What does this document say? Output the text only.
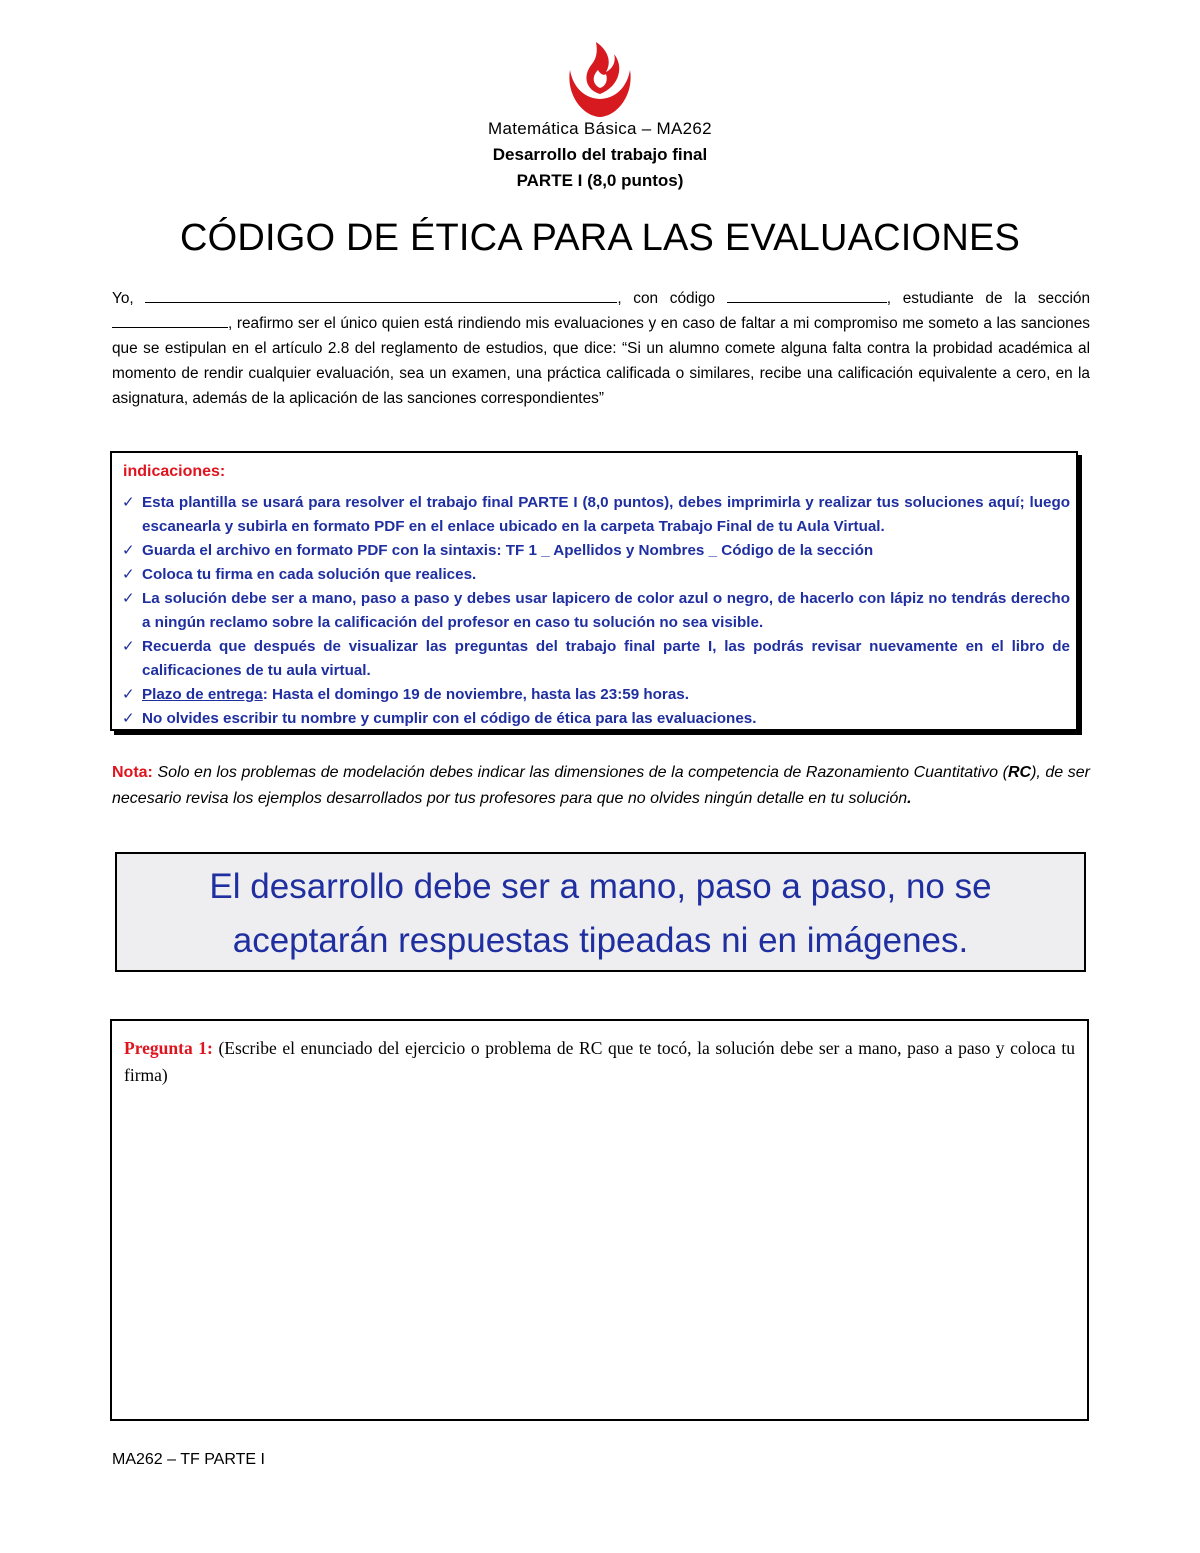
Matemática Básica – MA262
Desarrollo del trabajo final
PARTE I (8,0 puntos)
CÓDIGO DE ÉTICA PARA LAS EVALUACIONES
Yo,	, con código	, estudiante de la sección , reafirmo ser el único quien está rindiendo mis evaluaciones y en caso de faltar a mi compromiso me someto a las sanciones que se estipulan en el artículo 2.8 del reglamento de estudios, que dice: “Si un alumno comete alguna falta contra la probidad académica al momento de rendir cualquier evaluación, sea un examen, una práctica calificada o similares, recibe una calificación equivalente a cero, en la asignatura, además de la aplicación de las sanciones correspondientes”
indicaciones:
✓ Esta plantilla se usará para resolver el trabajo final PARTE I (8,0 puntos), debes imprimirla y realizar tus soluciones aquí; luego escanearla y subirla en formato PDF en el enlace ubicado en la carpeta Trabajo Final de tu Aula Virtual.
✓ Guarda el archivo en formato PDF con la sintaxis: TF 1 _ Apellidos y Nombres _ Código de la sección
✓ Coloca tu firma en cada solución que realices.
✓ La solución debe ser a mano, paso a paso y debes usar lapicero de color azul o negro, de hacerlo con lápiz no tendrás derecho a ningún reclamo sobre la calificación del profesor en caso tu solución no sea visible.
✓ Recuerda que después de visualizar las preguntas del trabajo final parte I, las podrás revisar nuevamente en el libro de calificaciones de tu aula virtual.
✓ Plazo de entrega: Hasta el domingo 19 de noviembre, hasta las 23:59 horas.
✓ No olvides escribir tu nombre y cumplir con el código de ética para las evaluaciones.
Nota: Solo en los problemas de modelación debes indicar las dimensiones de la competencia de Razonamiento Cuantitativo (RC), de ser necesario revisa los ejemplos desarrollados por tus profesores para que no olvides ningún detalle en tu solución.
El desarrollo debe ser a mano, paso a paso, no se
aceptarán respuestas tipeadas ni en imágenes.
Pregunta 1: (Escribe el enunciado del ejercicio o problema de RC que te tocó, la solución debe ser a mano, paso a paso y coloca tu firma)
MA262 – TF PARTE I
